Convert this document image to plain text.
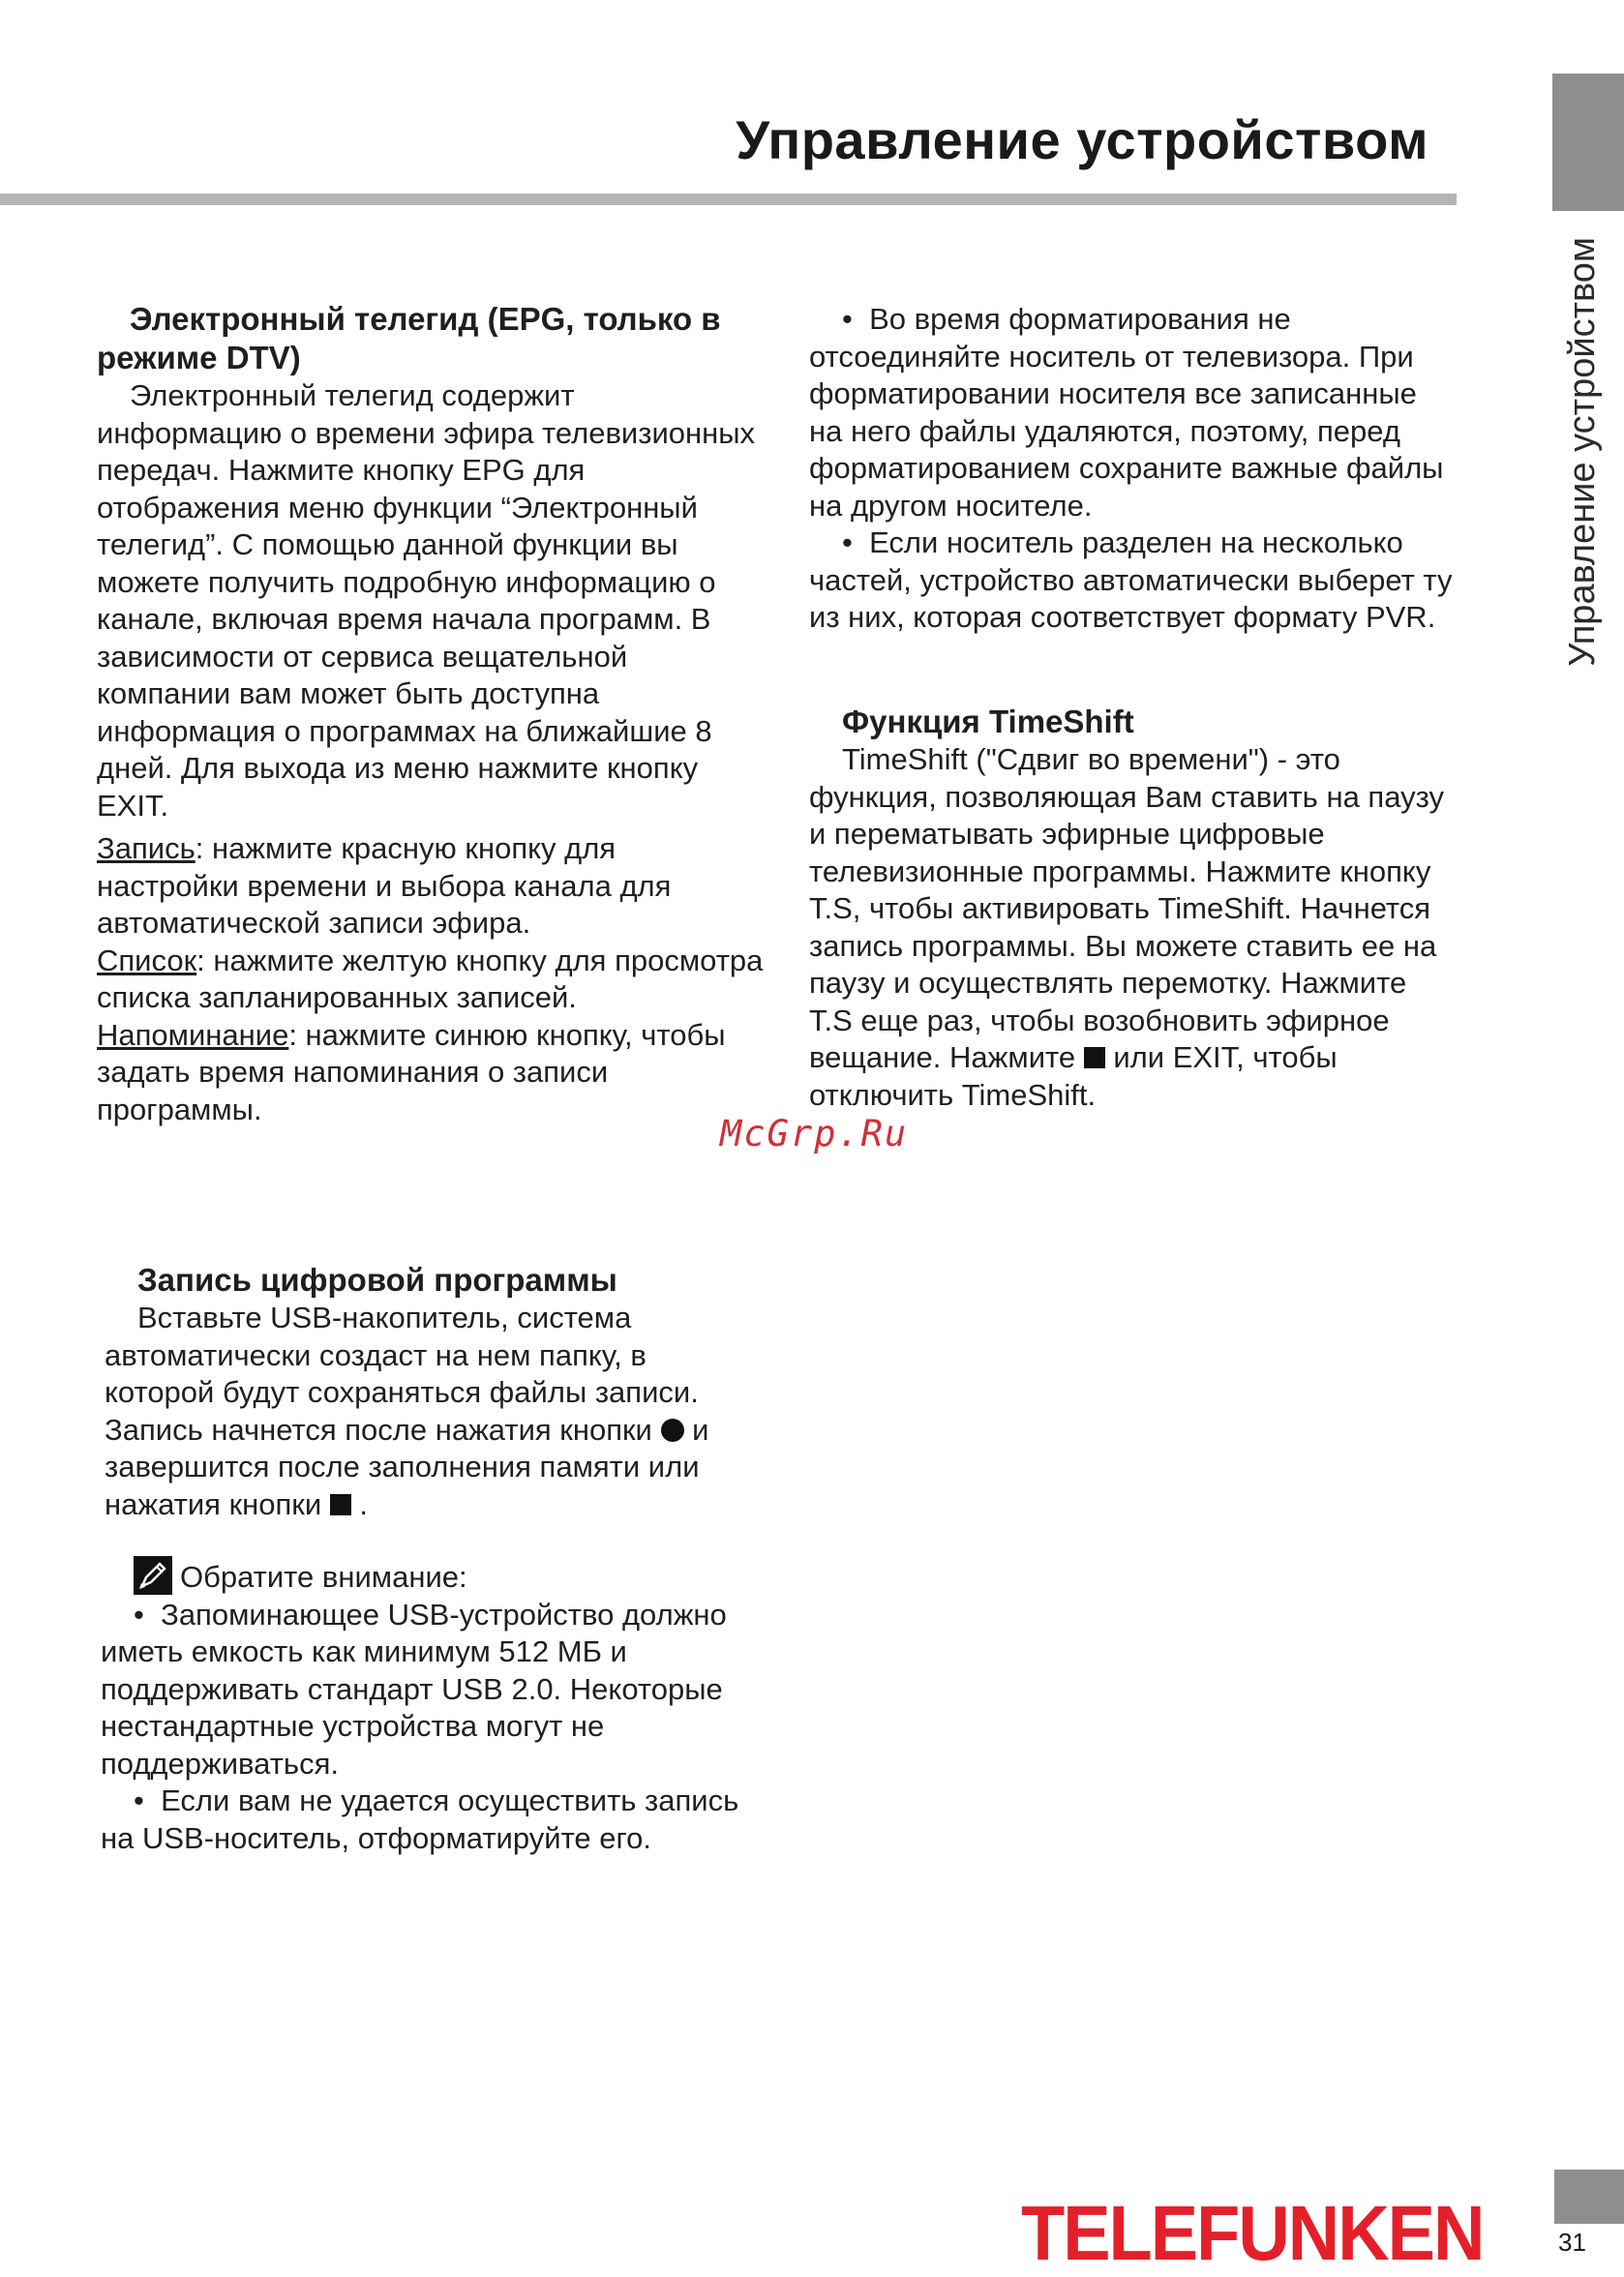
Управление устройством
Управление устройством

Электронный телегид (EPG, только в режиме DTV)

Электронный телегид содержит информацию о времени эфира телевизионных передач. Нажмите кнопку EPG для отображения меню функции “Электронный телегид”. С помощью данной функции вы можете получить подробную информацию о канале, включая время начала программ. В зависимости от сервиса вещательной компании вам может быть доступна информация о программах на ближайшие 8 дней. Для выхода из меню нажмите кнопку EXIT.

Запись: нажмите красную кнопку для настройки времени и выбора канала для автоматической записи эфира.

Список: нажмите желтую кнопку для просмотра списка запланированных записей.

Напоминание: нажмите синюю кнопку, чтобы задать время напоминания о записи программы.

Запись цифровой программы

Вставьте USB-накопитель, система автоматически создаст на нем папку, в которой будут сохраняться файлы записи. Запись начнется после нажатия кнопки и завершится после заполнения памяти или нажатия кнопки .

Обратите внимание:

• Запоминающее USB-устройство должно иметь емкость как минимум 512 МБ и поддерживать стандарт USB 2.0. Некоторые нестандартные устройства могут не поддерживаться.

• Если вам не удается осуществить запись на USB-носитель, отформатируйте его.

• Во время форматирования не отсоединяйте носитель от телевизора. При форматировании носителя все записанные на него файлы удаляются, поэтому, перед форматированием сохраните важные файлы на другом носителе.

• Если носитель разделен на несколько частей, устройство автоматически выберет ту из них, которая соответствует формату PVR.

Функция TimeShift

TimeShift ("Сдвиг во времени") - это функция, позволяющая Вам ставить на паузу и перематывать эфирные цифровые телевизионные программы. Нажмите кнопку T.S, чтобы активировать TimeShift. Начнется запись программы. Вы можете ставить ее на паузу и осуществлять перемотку. Нажмите T.S еще раз, чтобы возобновить эфирное вещание. Нажмите или EXIT, чтобы отключить TimeShift.

McGrp.Ru
TELEFUNKEN	31
